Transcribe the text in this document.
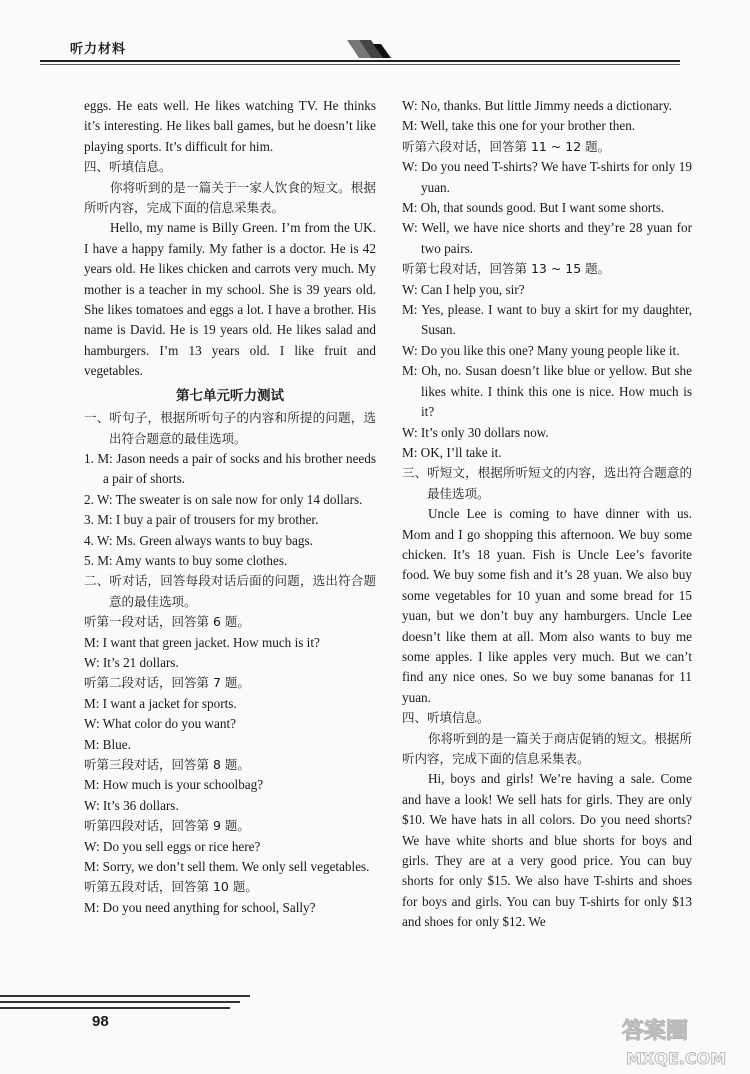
听力材料

eggs. He eats well. He likes watching TV. He thinks it’s interesting. He likes ball games, but he doesn’t like playing sports. It’s difficult for him.

四、听填信息。

你将听到的是一篇关于一家人饮食的短文。根据所听内容，完成下面的信息采集表。

Hello, my name is Billy Green. I’m from the UK. I have a happy family. My father is a doctor. He is 42 years old. He likes chicken and carrots very much. My mother is a teacher in my school. She is 39 years old. She likes tomatoes and eggs a lot. I have a brother. His name is David. He is 19 years old. He likes salad and hamburgers. I’m 13 years old. I like fruit and vegetables.

第七单元听力测试

一、听句子，根据所听句子的内容和所提的问题，选出符合题意的最佳选项。

1. M: Jason needs a pair of socks and his brother needs a pair of shorts.

2. W: The sweater is on sale now for only 14 dollars.

3. M: I buy a pair of trousers for my brother.

4. W: Ms. Green always wants to buy bags.

5. M: Amy wants to buy some clothes.

二、听对话，回答每段对话后面的问题，选出符合题意的最佳选项。

听第一段对话，回答第 6 题。

M: I want that green jacket. How much is it?

W: It’s 21 dollars.

听第二段对话，回答第 7 题。

M: I want a jacket for sports.

W: What color do you want?

M: Blue.

听第三段对话，回答第 8 题。

M: How much is your schoolbag?

W: It’s 36 dollars.

听第四段对话，回答第 9 题。

W: Do you sell eggs or rice here?

M: Sorry, we don’t sell them. We only sell vegetables.

听第五段对话，回答第 10 题。

M: Do you need anything for school, Sally?

W: No, thanks. But little Jimmy needs a dictionary.

M: Well, take this one for your brother then.

听第六段对话，回答第 11 ~ 12 题。

W: Do you need T-shirts? We have T-shirts for only 19 yuan.

M: Oh, that sounds good. But I want some shorts.

W: Well, we have nice shorts and they’re 28 yuan for two pairs.

听第七段对话，回答第 13 ~ 15 题。

W: Can I help you, sir?

M: Yes, please. I want to buy a skirt for my daughter, Susan.

W: Do you like this one? Many young people like it.

M: Oh, no. Susan doesn’t like blue or yellow. But she likes white. I think this one is nice. How much is it?

W: It’s only 30 dollars now.

M: OK, I’ll take it.

三、听短文，根据所听短文的内容，选出符合题意的最佳选项。

Uncle Lee is coming to have dinner with us. Mom and I go shopping this afternoon. We buy some chicken. It’s 18 yuan. Fish is Uncle Lee’s favorite food. We buy some fish and it’s 28 yuan. We also buy some vegetables for 10 yuan and some bread for 15 yuan, but we don’t buy any hamburgers. Uncle Lee doesn’t like them at all. Mom also wants to buy me some apples. I like apples very much. But we can’t find any nice ones. So we buy some bananas for 11 yuan.

四、听填信息。

你将听到的是一篇关于商店促销的短文。根据所听内容，完成下面的信息采集表。

Hi, boys and girls! We’re having a sale. Come and have a look! We sell hats for girls. They are only $10. We have hats in all colors. Do you need shorts? We have white shorts and blue shorts for boys and girls. They are at a very good price. You can buy shorts for only $15. We also have T-shirts and shoes for boys and girls. You can buy T-shirts for only $13 and shoes for only $12. We

98	答案圈
MXQE.COM
